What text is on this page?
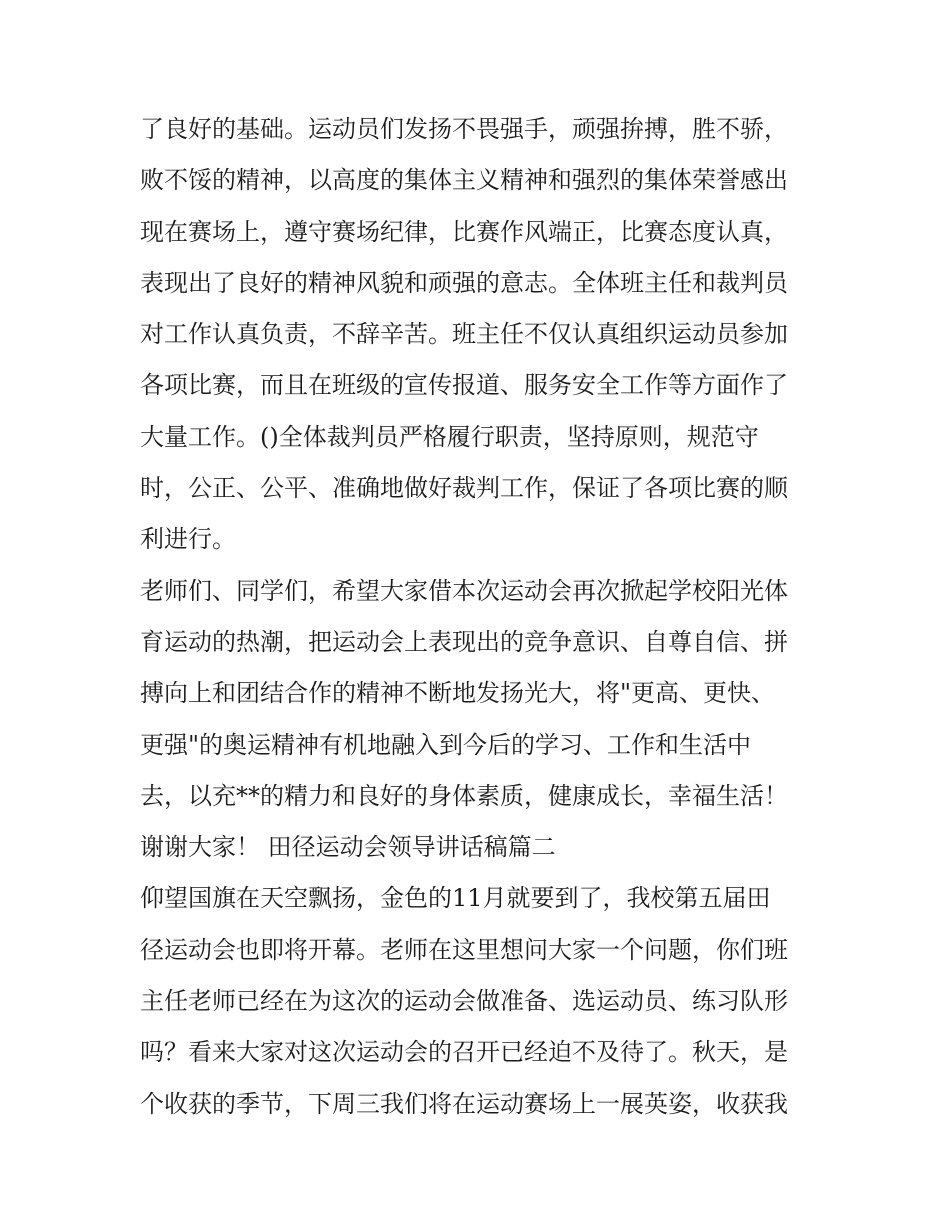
了良好的基础。运动员们发扬不畏强手，顽强拚搏，胜不骄，
败不馁的精神，以高度的集体主义精神和强烈的集体荣誉感出
现在赛场上，遵守赛场纪律，比赛作风端正，比赛态度认真，
表现出了良好的精神风貌和顽强的意志。全体班主任和裁判员
对工作认真负责，不辞辛苦。班主任不仅认真组织运动员参加
各项比赛，而且在班级的宣传报道、服务安全工作等方面作了
大量工作。()全体裁判员严格履行职责，坚持原则，规范守
时，公正、公平、准确地做好裁判工作，保证了各项比赛的顺
利进行。
老师们、同学们，希望大家借本次运动会再次掀起学校阳光体
育运动的热潮，把运动会上表现出的竞争意识、自尊自信、拼
搏向上和团结合作的精神不断地发扬光大，将"更高、更快、
更强"的奥运精神有机地融入到今后的学习、工作和生活中
去，以充**的精力和良好的身体素质，健康成长，幸福生活！
谢谢大家！ 田径运动会领导讲话稿篇二
仰望国旗在天空飘扬，金色的11月就要到了，我校第五届田
径运动会也即将开幕。老师在这里想问大家一个问题，你们班
主任老师已经在为这次的运动会做准备、选运动员、练习队形
吗？看来大家对这次运动会的召开已经迫不及待了。秋天，是
个收获的季节，下周三我们将在运动赛场上一展英姿，收获我
